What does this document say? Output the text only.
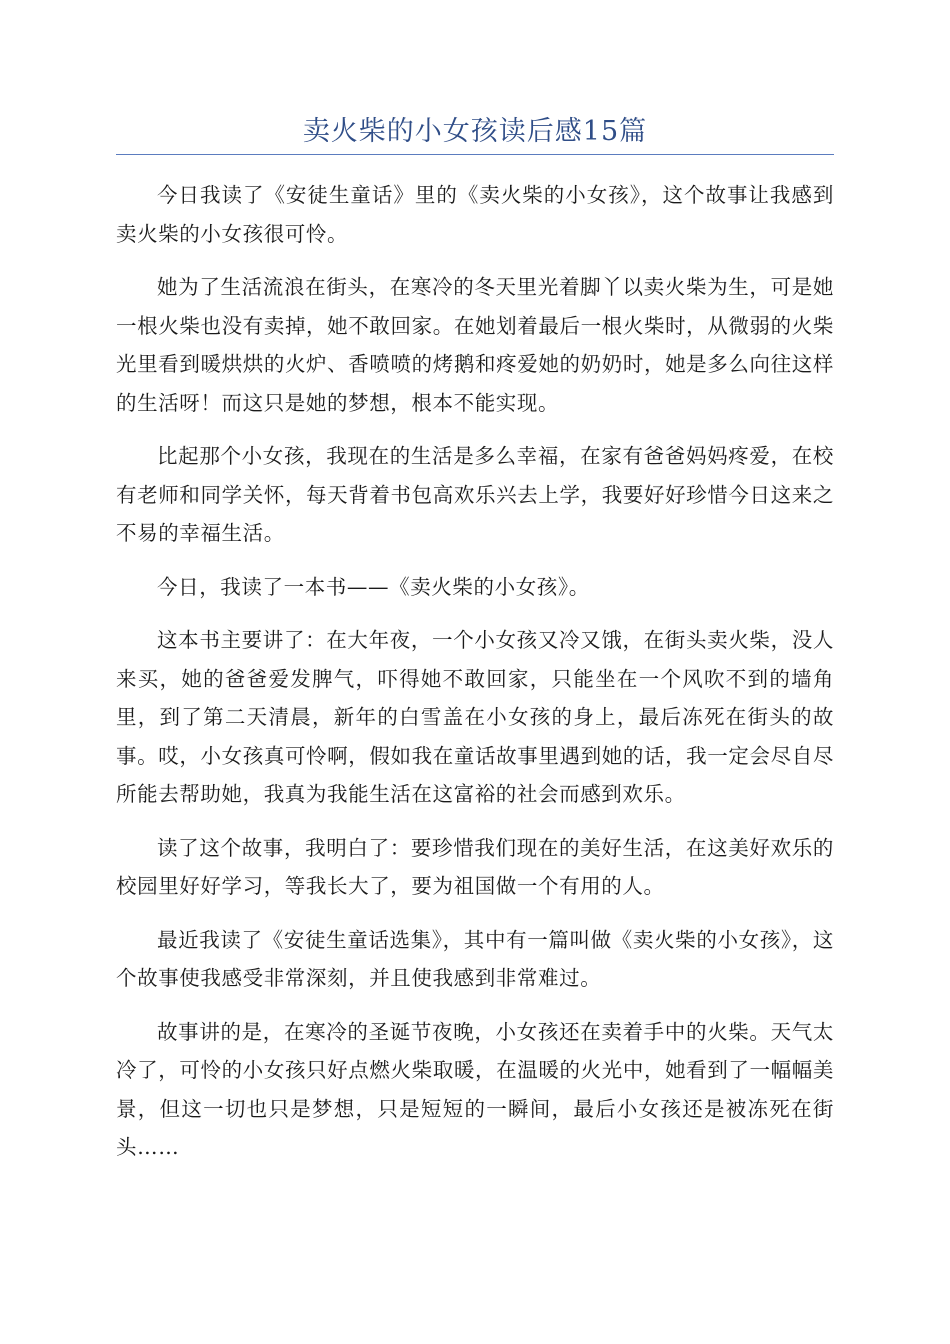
卖火柴的小女孩读后感15篇

今日我读了《安徒生童话》里的《卖火柴的小女孩》，这个故事让我感到卖火柴的小女孩很可怜。

她为了生活流浪在街头，在寒冷的冬天里光着脚丫以卖火柴为生，可是她一根火柴也没有卖掉，她不敢回家。在她划着最后一根火柴时，从微弱的火柴光里看到暖烘烘的火炉、香喷喷的烤鹅和疼爱她的奶奶时，她是多么向往这样的生活呀！而这只是她的梦想，根本不能实现。

比起那个小女孩，我现在的生活是多么幸福，在家有爸爸妈妈疼爱，在校有老师和同学关怀，每天背着书包高欢乐兴去上学，我要好好珍惜今日这来之不易的幸福生活。

今日，我读了一本书——《卖火柴的小女孩》。

这本书主要讲了：在大年夜，一个小女孩又冷又饿，在街头卖火柴，没人来买，她的爸爸爱发脾气，吓得她不敢回家，只能坐在一个风吹不到的墙角里，到了第二天清晨，新年的白雪盖在小女孩的身上，最后冻死在街头的故事。哎，小女孩真可怜啊，假如我在童话故事里遇到她的话，我一定会尽自尽所能去帮助她，我真为我能生活在这富裕的社会而感到欢乐。

读了这个故事，我明白了：要珍惜我们现在的美好生活，在这美好欢乐的校园里好好学习，等我长大了，要为祖国做一个有用的人。

最近我读了《安徒生童话选集》，其中有一篇叫做《卖火柴的小女孩》，这个故事使我感受非常深刻，并且使我感到非常难过。

故事讲的是，在寒冷的圣诞节夜晚，小女孩还在卖着手中的火柴。天气太冷了，可怜的小女孩只好点燃火柴取暖，在温暖的火光中，她看到了一幅幅美景，但这一切也只是梦想，只是短短的一瞬间，最后小女孩还是被冻死在街头……
